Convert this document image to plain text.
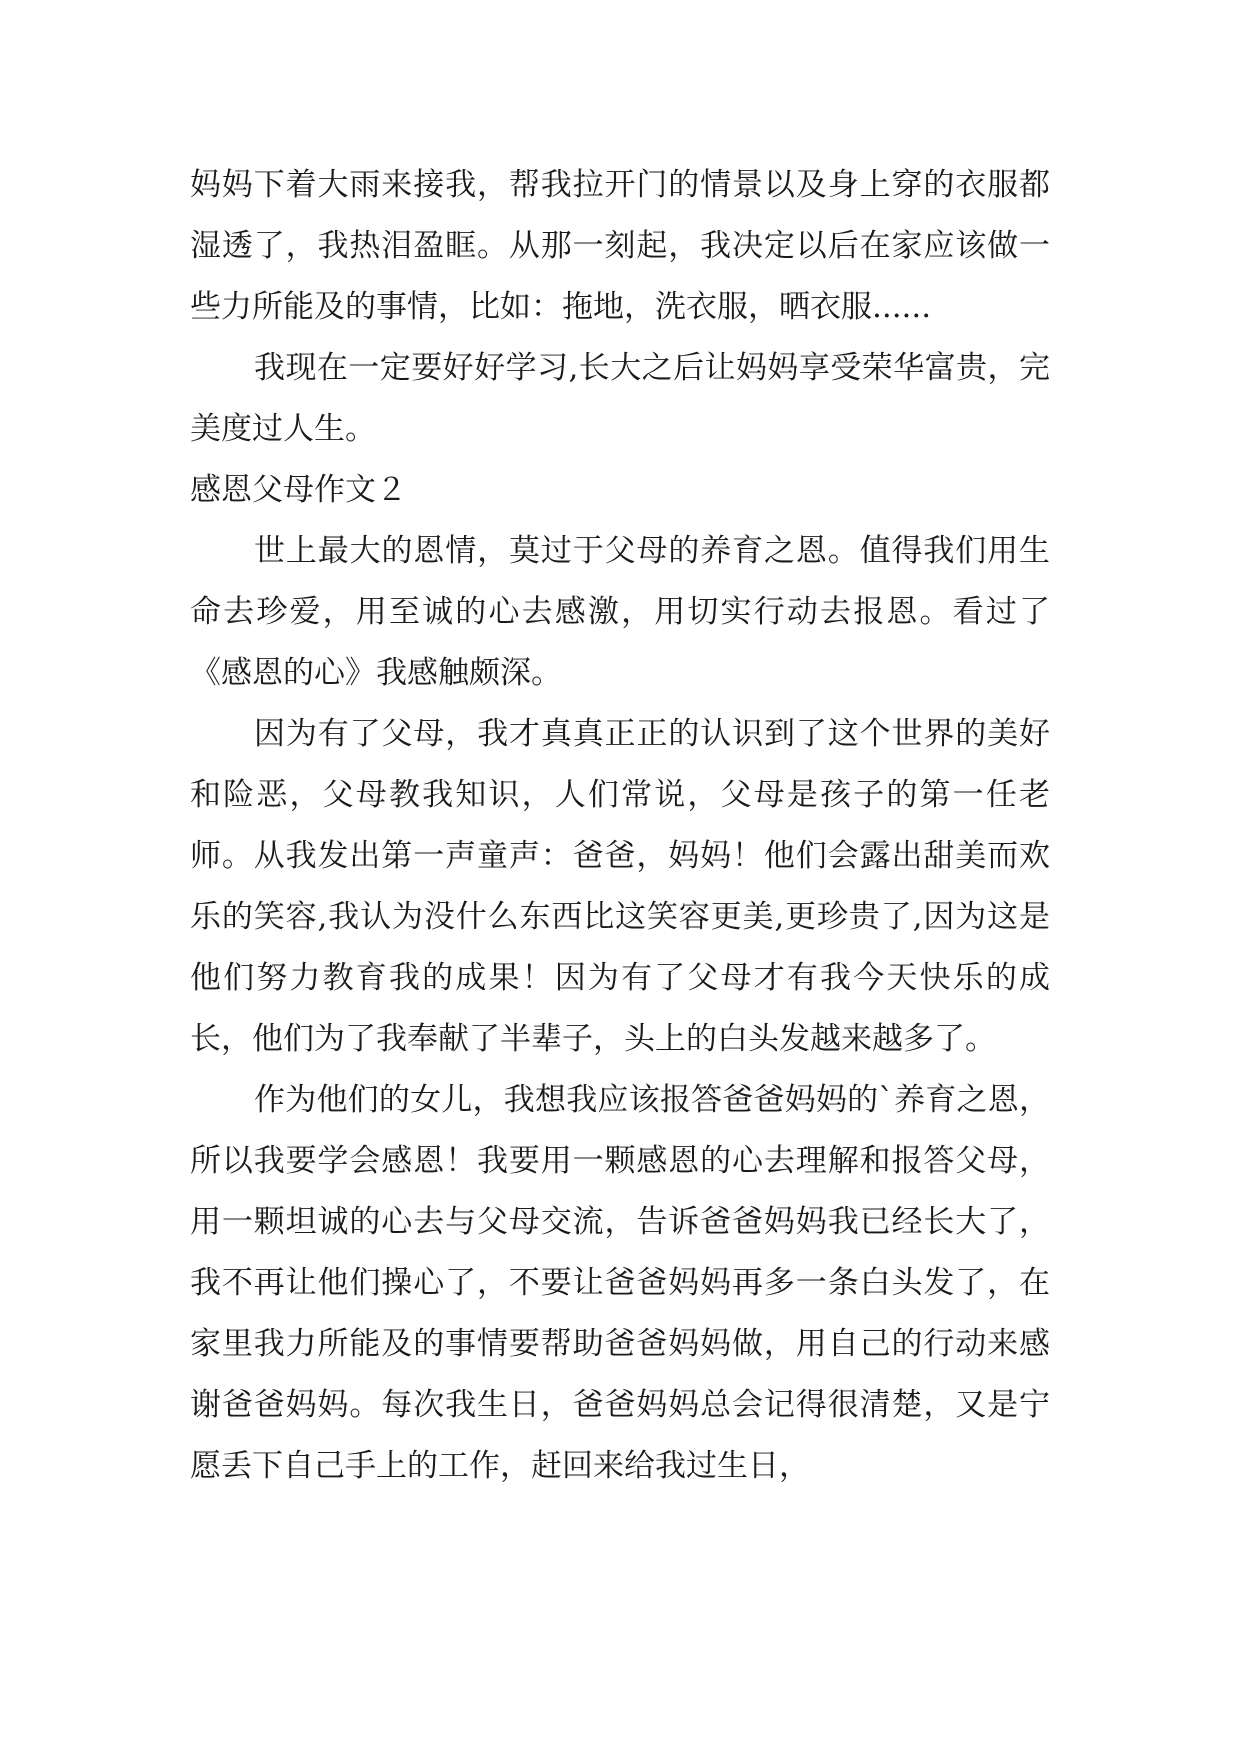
妈妈下着大雨来接我，帮我拉开门的情景以及身上穿的衣服都湿透了，我热泪盈眶。从那一刻起，我决定以后在家应该做一些力所能及的事情，比如：拖地，洗衣服，晒衣服......

我现在一定要好好学习,长大之后让妈妈享受荣华富贵，完美度过人生。

感恩父母作文２

世上最大的恩情，莫过于父母的养育之恩。值得我们用生命去珍爱，用至诚的心去感激，用切实行动去报恩。看过了《感恩的心》我感触颇深。

因为有了父母，我才真真正正的认识到了这个世界的美好和险恶，父母教我知识，人们常说，父母是孩子的第一任老师。从我发出第一声童声：爸爸，妈妈！他们会露出甜美而欢乐的笑容,我认为没什么东西比这笑容更美,更珍贵了,因为这是他们努力教育我的成果！因为有了父母才有我今天快乐的成长，他们为了我奉献了半辈子，头上的白头发越来越多了。

作为他们的女儿，我想我应该报答爸爸妈妈的`养育之恩，所以我要学会感恩！我要用一颗感恩的心去理解和报答父母，用一颗坦诚的心去与父母交流，告诉爸爸妈妈我已经长大了，我不再让他们操心了，不要让爸爸妈妈再多一条白头发了，在家里我力所能及的事情要帮助爸爸妈妈做，用自己的行动来感谢爸爸妈妈。每次我生日，爸爸妈妈总会记得很清楚，又是宁愿丢下自己手上的工作，赶回来给我过生日，
